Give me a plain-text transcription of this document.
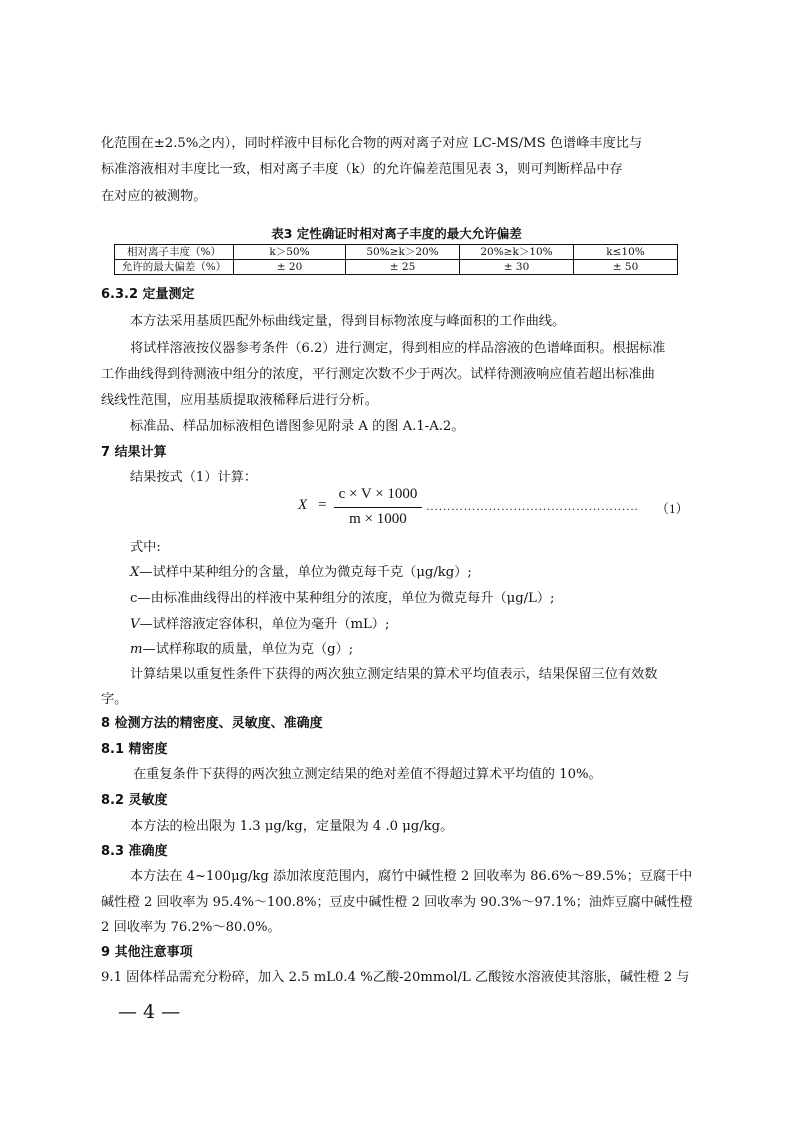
化范围在±2.5%之内），同时样液中目标化合物的两对离子对应 LC-MS/MS 色谱峰丰度比与
标准溶液相对丰度比一致，相对离子丰度（k）的允许偏差范围见表 3，则可判断样品中存
在对应的被测物。
表3 定性确证时相对离子丰度的最大允许偏差
相对离子丰度（%）	k＞50%	50%≥k＞20%	20%≥k＞10%	k≤10%
允许的最大偏差（%）	± 20	± 25	± 30	± 50
6.3.2 定量测定
本方法采用基质匹配外标曲线定量，得到目标物浓度与峰面积的工作曲线。
将试样溶液按仪器参考条件（6.2）进行测定，得到相应的样品溶液的色谱峰面积。根据标准
工作曲线得到待测液中组分的浓度，平行测定次数不少于两次。试样待测液响应值若超出标准曲
线线性范围，应用基质提取液稀释后进行分析。
标准品、样品加标液相色谱图参见附录 A 的图 A.1-A.2。
7 结果计算
结果按式（1）计算：
X =
c × V × 1000
m × 1000
…………………………………………… （1）
式中:
X—试样中某种组分的含量，单位为微克每千克（μg/kg）;
c—由标准曲线得出的样液中某种组分的浓度，单位为微克每升（μg/L）;
V—试样溶液定容体积，单位为毫升（mL）;
m—试样称取的质量，单位为克（g）;
计算结果以重复性条件下获得的两次独立测定结果的算术平均值表示，结果保留三位有效数
字。
8 检测方法的精密度、灵敏度、准确度
8.1 精密度
在重复条件下获得的两次独立测定结果的绝对差值不得超过算术平均值的 10%。
8.2 灵敏度
本方法的检出限为 1.3 μg/kg，定量限为 4 .0 μg/kg。
8.3 准确度
本方法在 4~100μg/kg 添加浓度范围内，腐竹中碱性橙 2 回收率为 86.6%～89.5%；豆腐干中
碱性橙 2 回收率为 95.4%～100.8%；豆皮中碱性橙 2 回收率为 90.3%～97.1%；油炸豆腐中碱性橙
2 回收率为 76.2%～80.0%。
9 其他注意事项
9.1 固体样品需充分粉碎，加入 2.5 mL0.4 %乙酸-20mmol/L 乙酸铵水溶液使其溶胀，碱性橙 2 与
— 4 —
